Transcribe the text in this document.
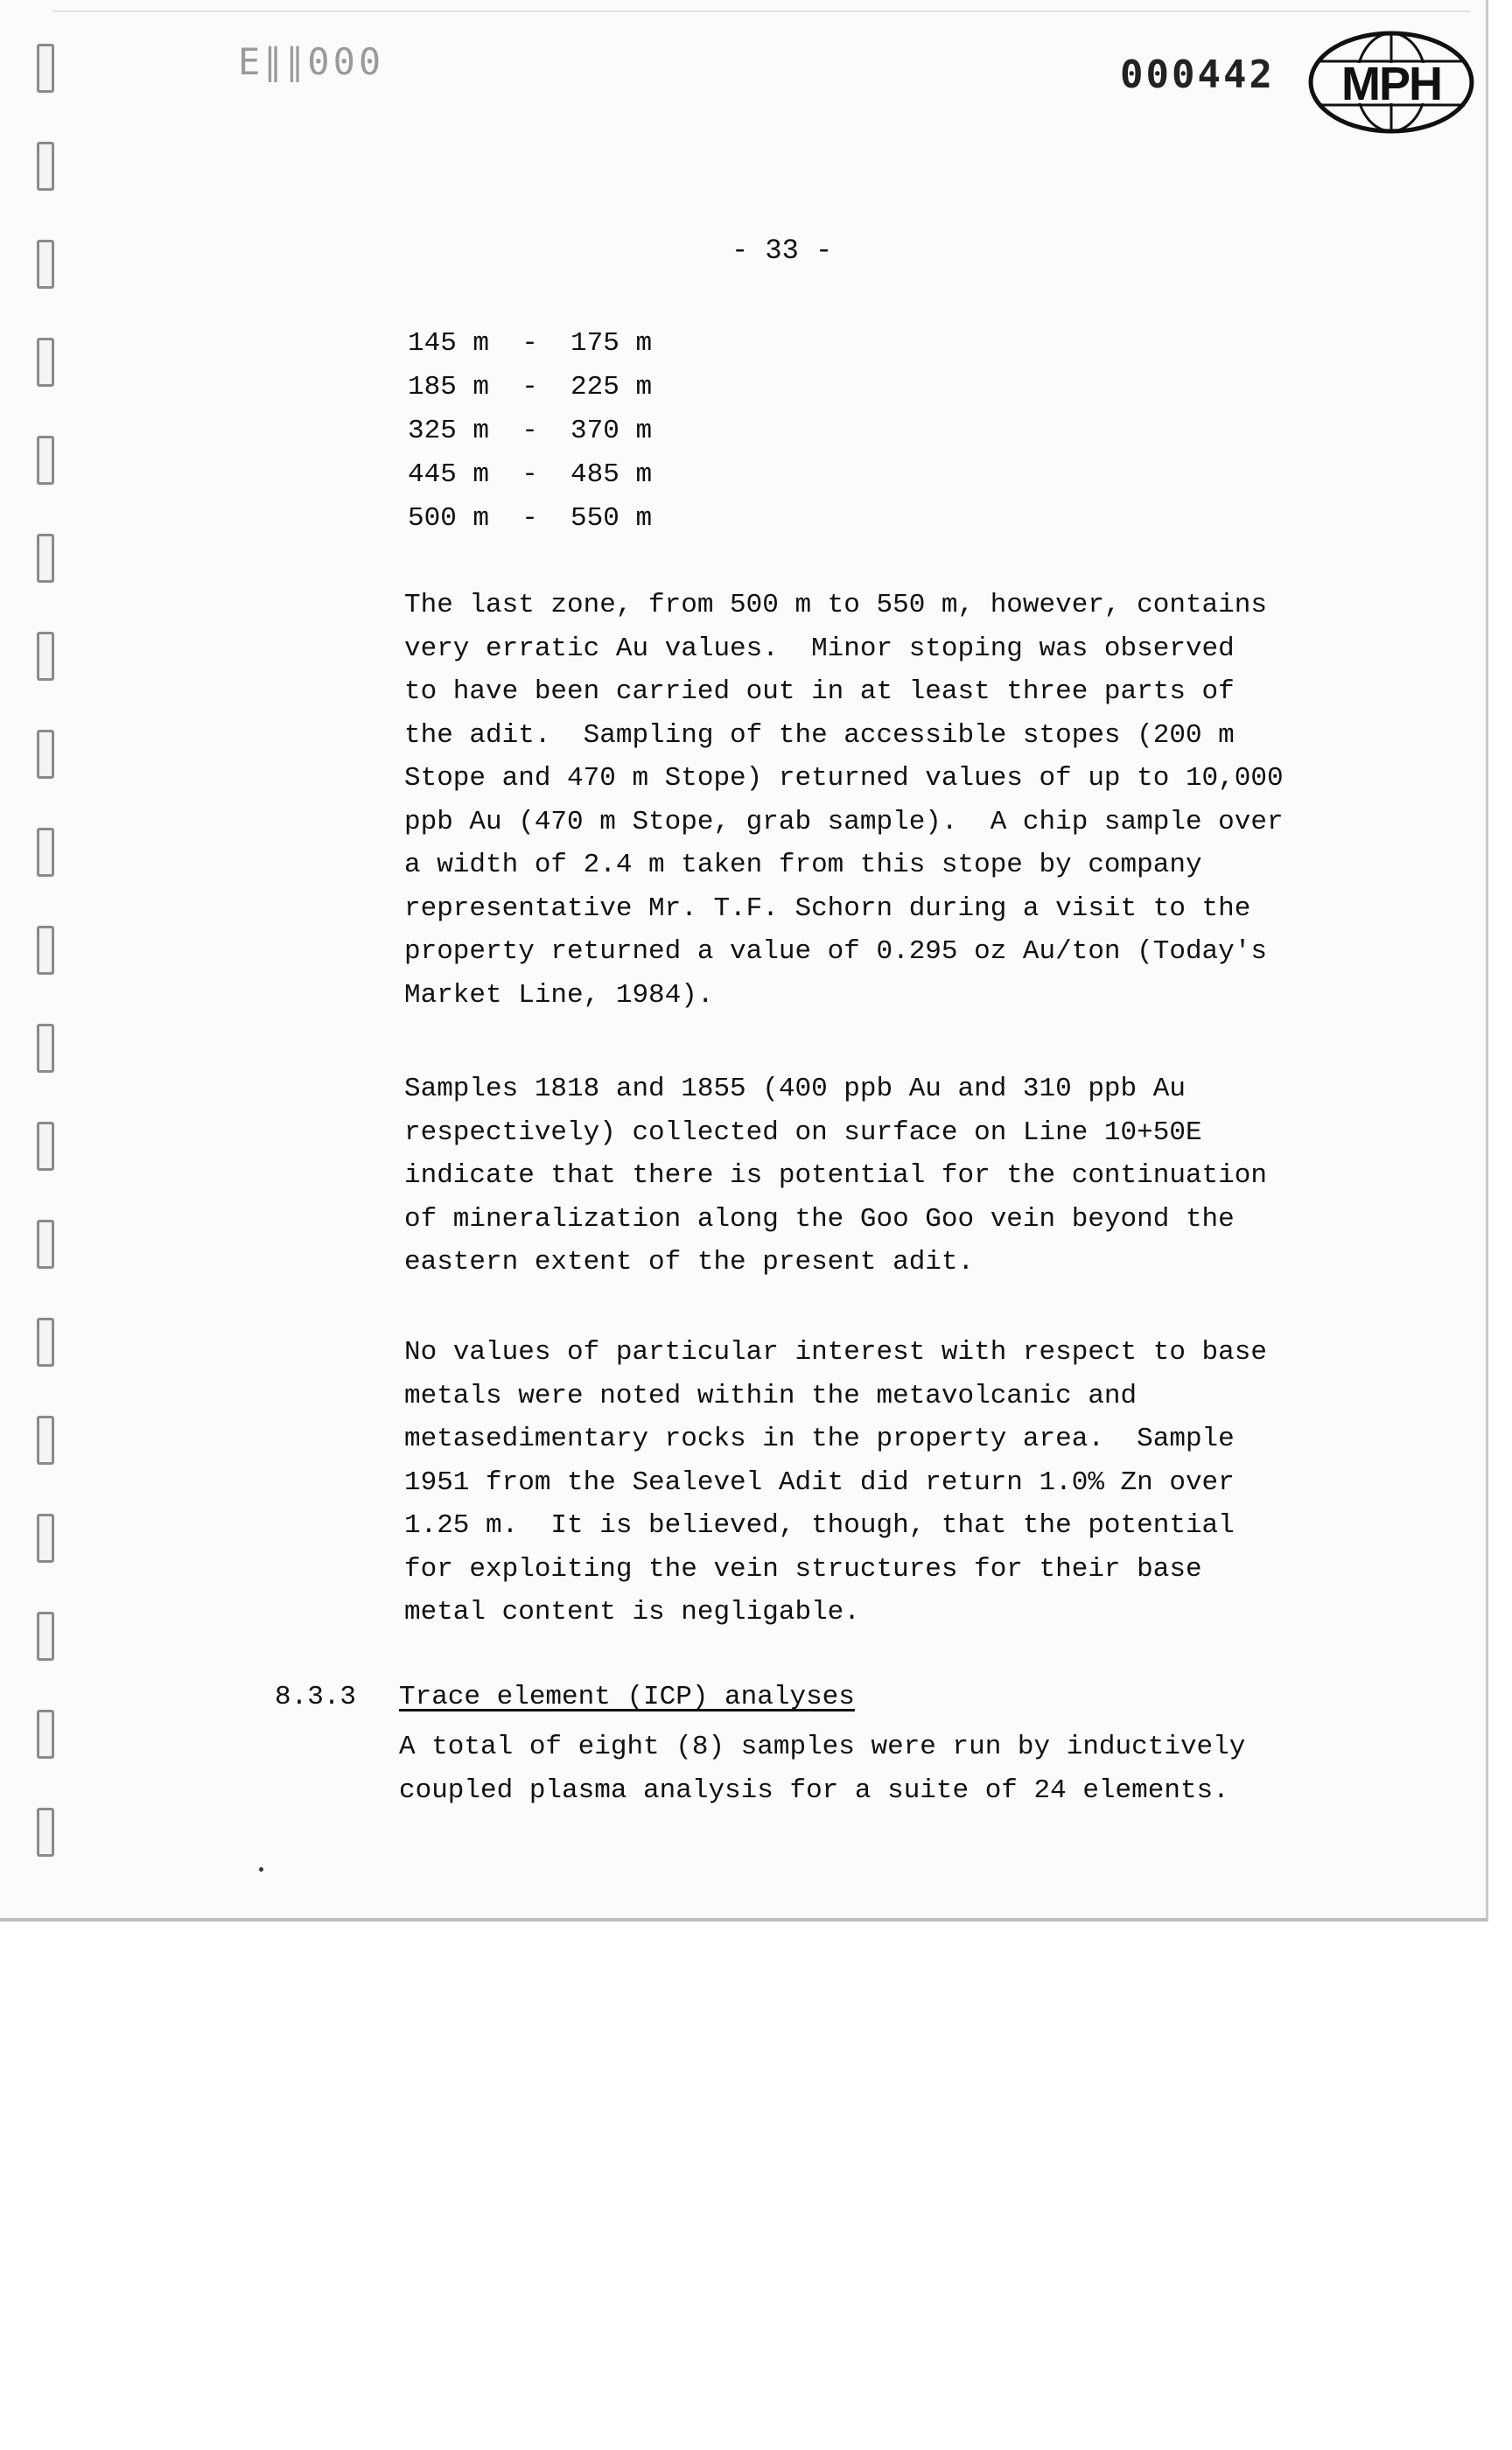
E∥∥000	000442 MPH
- 33 -
145 m  -  175 m
185 m  -  225 m
325 m  -  370 m
445 m  -  485 m
500 m  -  550 m
The last zone, from 500 m to 550 m, however, contains
very erratic Au values.  Minor stoping was observed
to have been carried out in at least three parts of
the adit.  Sampling of the accessible stopes (200 m
Stope and 470 m Stope) returned values of up to 10,000
ppb Au (470 m Stope, grab sample).  A chip sample over
a width of 2.4 m taken from this stope by company
representative Mr. T.F. Schorn during a visit to the
property returned a value of 0.295 oz Au/ton (Today's
Market Line, 1984).
Samples 1818 and 1855 (400 ppb Au and 310 ppb Au
respectively) collected on surface on Line 10+50E
indicate that there is potential for the continuation
of mineralization along the Goo Goo vein beyond the
eastern extent of the present adit.
No values of particular interest with respect to base
metals were noted within the metavolcanic and
metasedimentary rocks in the property area.  Sample
1951 from the Sealevel Adit did return 1.0% Zn over
1.25 m.  It is believed, though, that the potential
for exploiting the vein structures for their base
metal content is negligable.
8.3.3 Trace element (ICP) analyses
A total of eight (8) samples were run by inductively
coupled plasma analysis for a suite of 24 elements.
